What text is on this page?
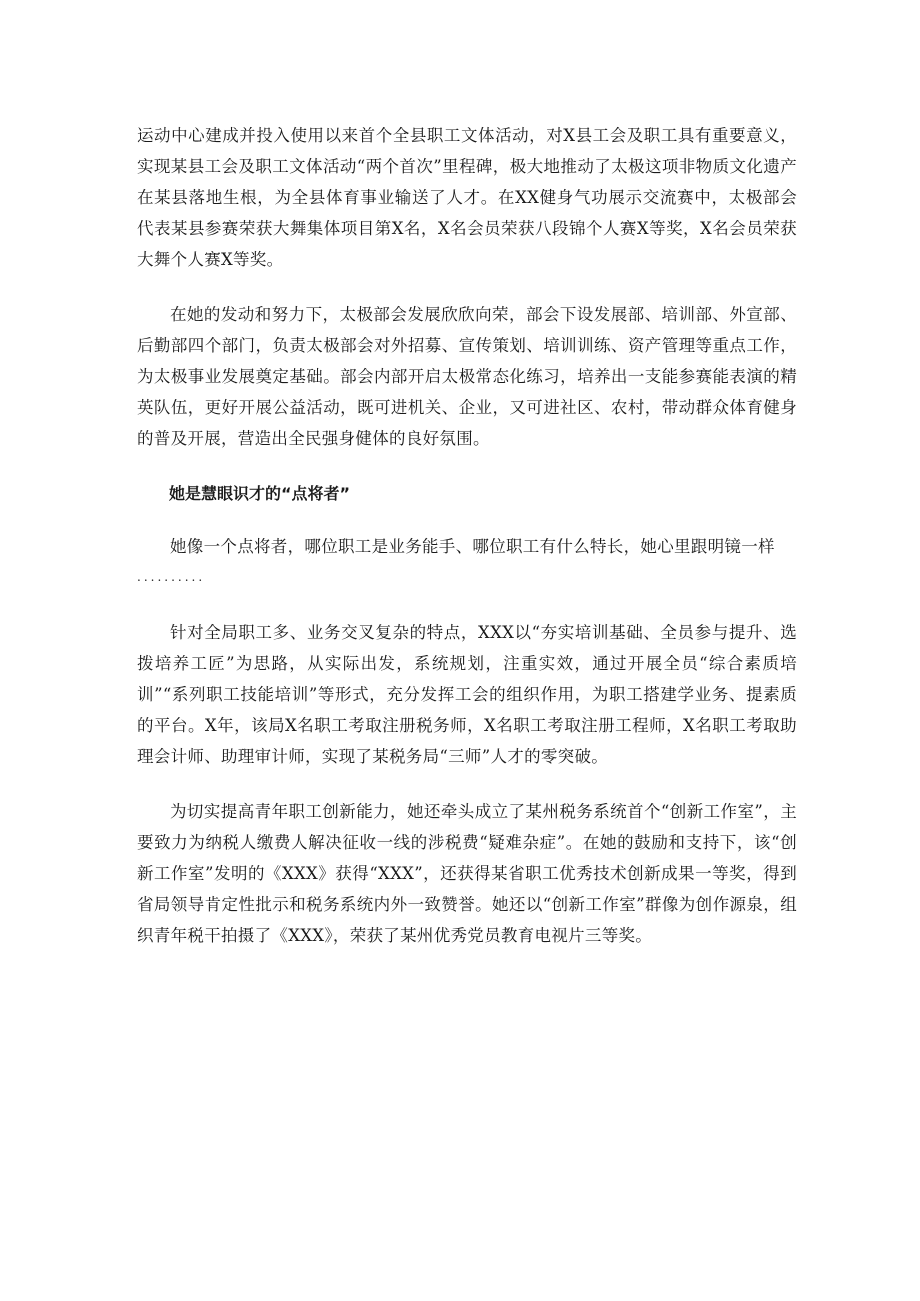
运动中心建成并投入使用以来首个全县职工文体活动，对X县工会及职工具有重要意义，实现某县工会及职工文体活动“两个首次”里程碑，极大地推动了太极这项非物质文化遗产在某县落地生根，为全县体育事业输送了人才。在XX健身气功展示交流赛中，太极部会代表某县参赛荣获大舞集体项目第X名，X名会员荣获八段锦个人赛X等奖，X名会员荣获大舞个人赛X等奖。

在她的发动和努力下，太极部会发展欣欣向荣，部会下设发展部、培训部、外宣部、后勤部四个部门，负责太极部会对外招募、宣传策划、培训训练、资产管理等重点工作，为太极事业发展奠定基础。部会内部开启太极常态化练习，培养出一支能参赛能表演的精英队伍，更好开展公益活动，既可进机关、企业，又可进社区、农村，带动群众体育健身的普及开展，营造出全民强身健体的良好氛围。

她是慧眼识才的“点将者”

她像一个点将者，哪位职工是业务能手、哪位职工有什么特长，她心里跟明镜一样
..........

针对全局职工多、业务交叉复杂的特点，XXX以“夯实培训基础、全员参与提升、选拨培养工匠”为思路，从实际出发，系统规划，注重实效，通过开展全员“综合素质培训”“系列职工技能培训”等形式，充分发挥工会的组织作用，为职工搭建学业务、提素质的平台。X年，该局X名职工考取注册税务师，X名职工考取注册工程师，X名职工考取助理会计师、助理审计师，实现了某税务局“三师”人才的零突破。

为切实提高青年职工创新能力，她还牵头成立了某州税务系统首个“创新工作室”，主要致力为纳税人缴费人解决征收一线的涉税费“疑难杂症”。在她的鼓励和支持下，该“创新工作室”发明的《XXX》获得“XXX”，还获得某省职工优秀技术创新成果一等奖，得到省局领导肯定性批示和税务系统内外一致赞誉。她还以“创新工作室”群像为创作源泉，组织青年税干拍摄了《XXX》，荣获了某州优秀党员教育电视片三等奖。
